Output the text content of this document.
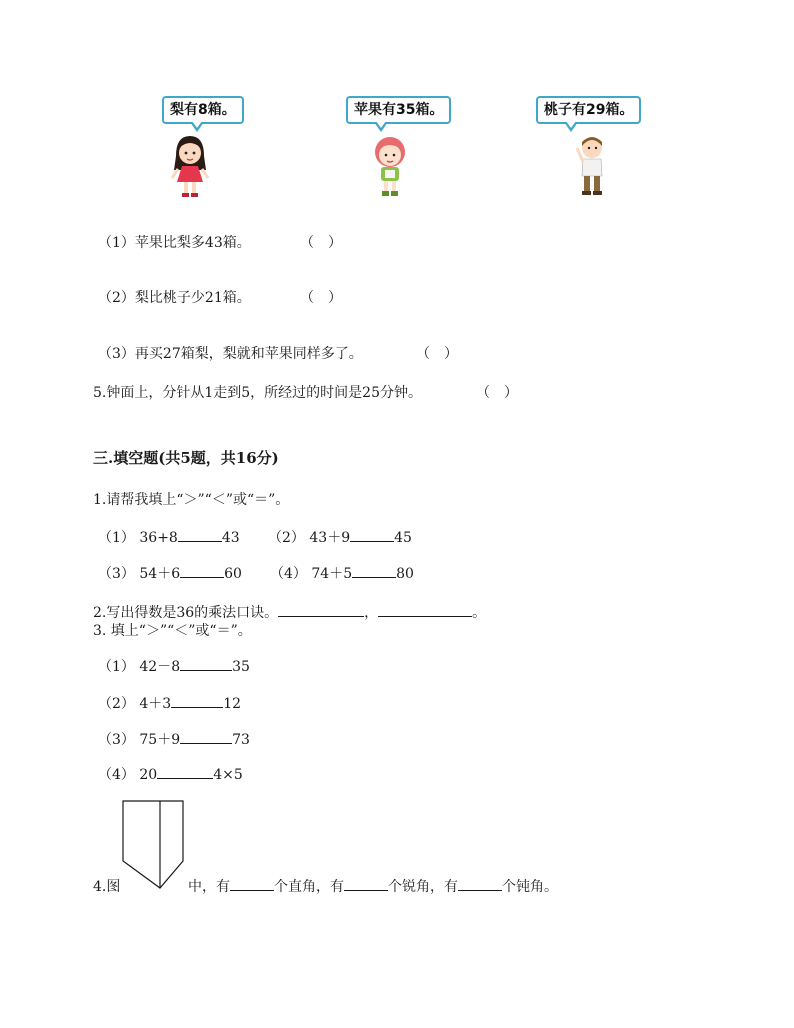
梨有8箱。	苹果有35箱。	桃子有29箱。
（1）苹果比梨多43箱。	（　）
（2）梨比桃子少21箱。	（　）
（3）再买27箱梨，梨就和苹果同样多了。	（　）
5.钟面上，分针从1走到5，所经过的时间是25分钟。	（　）
三.填空题(共5题，共16分)
1.请帮我填上“＞”“＜”或“＝”。
（1） 36+8	43 （2） 43＋9	45
（3） 54＋6	60 （4） 74＋5	80
2.写出得数是36的乘法口诀。	，	。
3. 填上“＞”“＜”或“＝”。
（1） 42－8	35
（2） 4＋3	12
（3） 75＋9	73
（4） 20	4×5
4.图	中，有	个直角，有	个锐角，有	个钝角。
